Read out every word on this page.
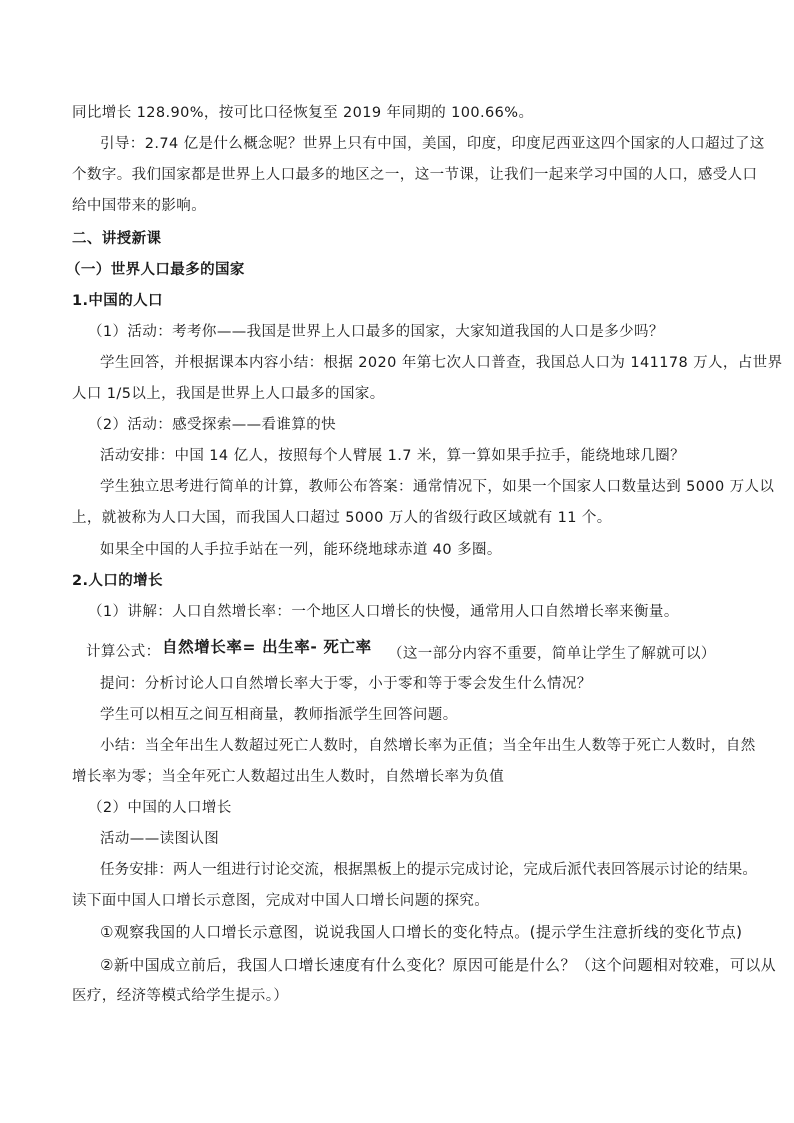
同比增长 128.90%，按可比口径恢复至 2019 年同期的 100.66%。
引导：2.74 亿是什么概念呢？世界上只有中国，美国，印度，印度尼西亚这四个国家的人口超过了这
个数字。我们国家都是世界上人口最多的地区之一，这一节课，让我们一起来学习中国的人口，感受人口
给中国带来的影响。
二、讲授新课
（一）世界人口最多的国家
1.中国的人口
（1）活动：考考你——我国是世界上人口最多的国家，大家知道我国的人口是多少吗？
学生回答，并根据课本内容小结：根据 2020 年第七次人口普查，我国总人口为 141178 万人，占世界
人口 1/5以上，我国是世界上人口最多的国家。
（2）活动：感受探索——看谁算的快
活动安排：中国 14 亿人，按照每个人臂展 1.7 米，算一算如果手拉手，能绕地球几圈？
学生独立思考进行简单的计算，教师公布答案：通常情况下，如果一个国家人口数量达到 5000 万人以
上，就被称为人口大国，而我国人口超过 5000 万人的省级行政区域就有 11 个。
如果全中国的人手拉手站在一列，能环绕地球赤道 40 多圈。
2.人口的增长
（1）讲解：人口自然增长率：一个地区人口增长的快慢，通常用人口自然增长率来衡量。
计算公式： 自然增长率= 出生率- 死亡率 （这一部分内容不重要，简单让学生了解就可以）
提问：分析讨论人口自然增长率大于零，小于零和等于零会发生什么情况？
学生可以相互之间互相商量，教师指派学生回答问题。
小结：当全年出生人数超过死亡人数时，自然增长率为正值；当全年出生人数等于死亡人数时，自然
增长率为零；当全年死亡人数超过出生人数时，自然增长率为负值
（2）中国的人口增长
活动——读图认图
任务安排：两人一组进行讨论交流，根据黑板上的提示完成讨论，完成后派代表回答展示讨论的结果。
读下面中国人口增长示意图，完成对中国人口增长问题的探究。
①观察我国的人口增长示意图，说说我国人口增长的变化特点。(提示学生注意折线的变化节点)
②新中国成立前后，我国人口增长速度有什么变化？原因可能是什么？（这个问题相对较难，可以从
医疗，经济等模式给学生提示。）
